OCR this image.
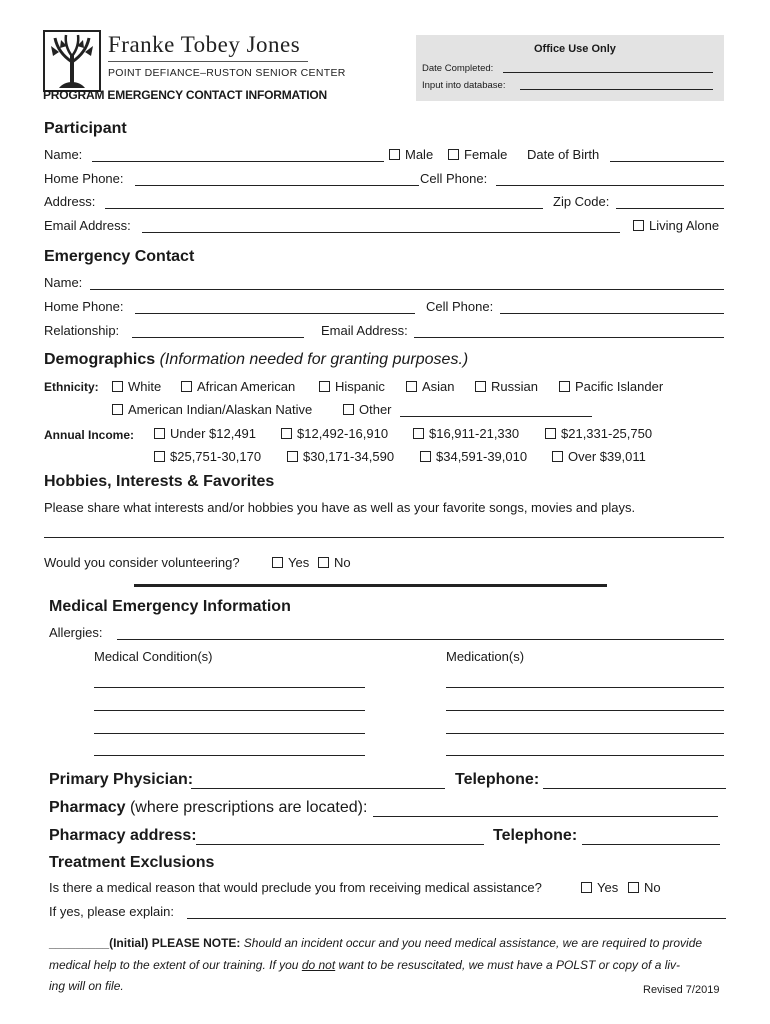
Franke Tobey Jones
POINT DEFIANCE–RUSTON SENIOR CENTER
PROGRAM EMERGENCY CONTACT INFORMATION
Office Use Only
Date Completed:
Input into database:
Participant
Name:	Male	Female Date of Birth
Home Phone:	Cell Phone:
Address:	Zip Code:
Email Address:	Living Alone
Emergency Contact
Name:
Home Phone:	Cell Phone:
Relationship:	Email Address:
Demographics (Information needed for granting purposes.)
Ethnicity:	White	African American	Hispanic	Asian	Russian	Pacific Islander
American Indian/Alaskan Native	Other
Annual Income:	Under $12,491	$12,492-16,910	$16,911-21,330	$21,331-25,750
$25,751-30,170	$30,171-34,590	$34,591-39,010	Over $39,011
Hobbies, Interests & Favorites
Please share what interests and/or hobbies you have as well as your favorite songs, movies and plays.
Would you consider volunteering?	Yes	No
Medical Emergency Information
Allergies:
Medical Condition(s)	Medication(s)
Primary Physician:	Telephone:
Pharmacy (where prescriptions are located):
Pharmacy address:	Telephone:
Treatment Exclusions
Is there a medical reason that would preclude you from receiving medical assistance?	Yes	No
If yes, please explain:
_________(Initial) PLEASE NOTE: Should an incident occur and you need medical assistance, we are required to provide
medical help to the extent of our training. If you do not want to be resuscitated, we must have a POLST or copy of a liv-
ing will on file.	Revised 7/2019
